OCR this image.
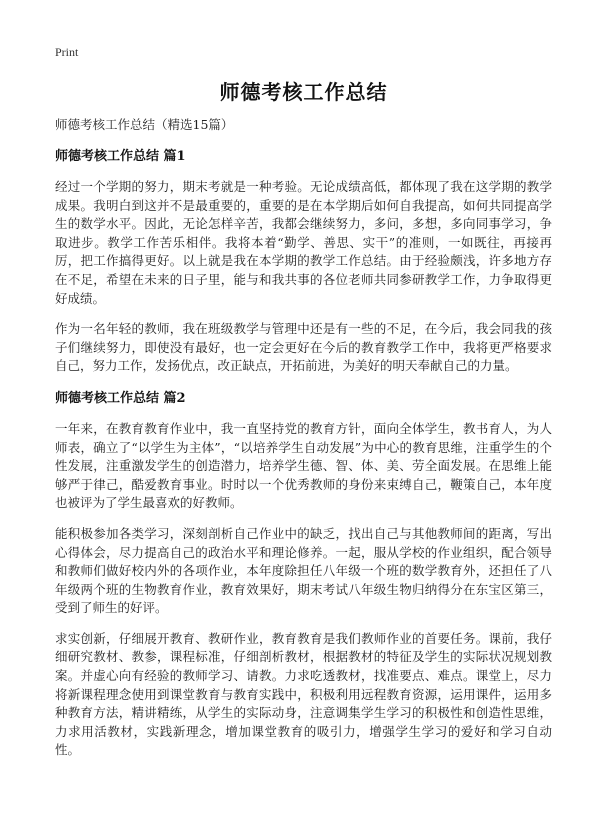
Print
师德考核工作总结
师德考核工作总结（精选15篇）
师德考核工作总结 篇1

经过一个学期的努力，期末考就是一种考验。无论成绩高低，都体现了我在这学期的教学成果。我明白到这并不是最重要的，重要的是在本学期后如何自我提高，如何共同提高学生的数学水平。因此，无论怎样辛苦，我都会继续努力，多问，多想，多向同事学习，争取进步。教学工作苦乐相伴。我将本着“勤学、善思、实干”的准则，一如既往，再接再厉，把工作搞得更好。以上就是我在本学期的教学工作总结。由于经验颇浅，许多地方存在不足，希望在未来的日子里，能与和我共事的各位老师共同参研教学工作，力争取得更好成绩。

作为一名年轻的教师，我在班级教学与管理中还是有一些的不足，在今后，我会同我的孩子们继续努力，即使没有最好，也一定会更好在今后的教育教学工作中，我将更严格要求自己，努力工作，发扬优点，改正缺点，开拓前进，为美好的明天奉献自己的力量。

师德考核工作总结 篇2

一年来，在教育教育作业中，我一直坚持党的教育方针，面向全体学生，教书育人，为人师表，确立了“以学生为主体”，“以培养学生自动发展”为中心的教育思维，注重学生的个性发展，注重激发学生的创造潜力，培养学生德、智、体、美、劳全面发展。在思维上能够严于律己，酷爱教育事业。时时以一个优秀教师的身份来束缚自己，鞭策自己，本年度也被评为了学生最喜欢的好教师。

能积极参加各类学习，深刻剖析自己作业中的缺乏，找出自己与其他教师间的距离，写出心得体会，尽力提高自己的政治水平和理论修养。一起，服从学校的作业组织，配合领导和教师们做好校内外的各项作业，本年度除担任八年级一个班的数学教育外，还担任了八年级两个班的生物教育作业，教育效果好，期末考试八年级生物归纳得分在东宝区第三，受到了师生的好评。

求实创新，仔细展开教育、教研作业，教育教育是我们教师作业的首要任务。课前，我仔细研究教材、教参，课程标准，仔细剖析教材，根据教材的特征及学生的实际状况规划教案。并虚心向有经验的教师学习、请教。力求吃透教材，找准要点、难点。课堂上，尽力将新课程理念使用到课堂教育与教育实践中，积极利用远程教育资源，运用课件，运用多种教育方法，精讲精练，从学生的实际动身，注意调集学生学习的积极性和创造性思维，力求用活教材，实践新理念，增加课堂教育的吸引力，增强学生学习的爱好和学习自动性。
